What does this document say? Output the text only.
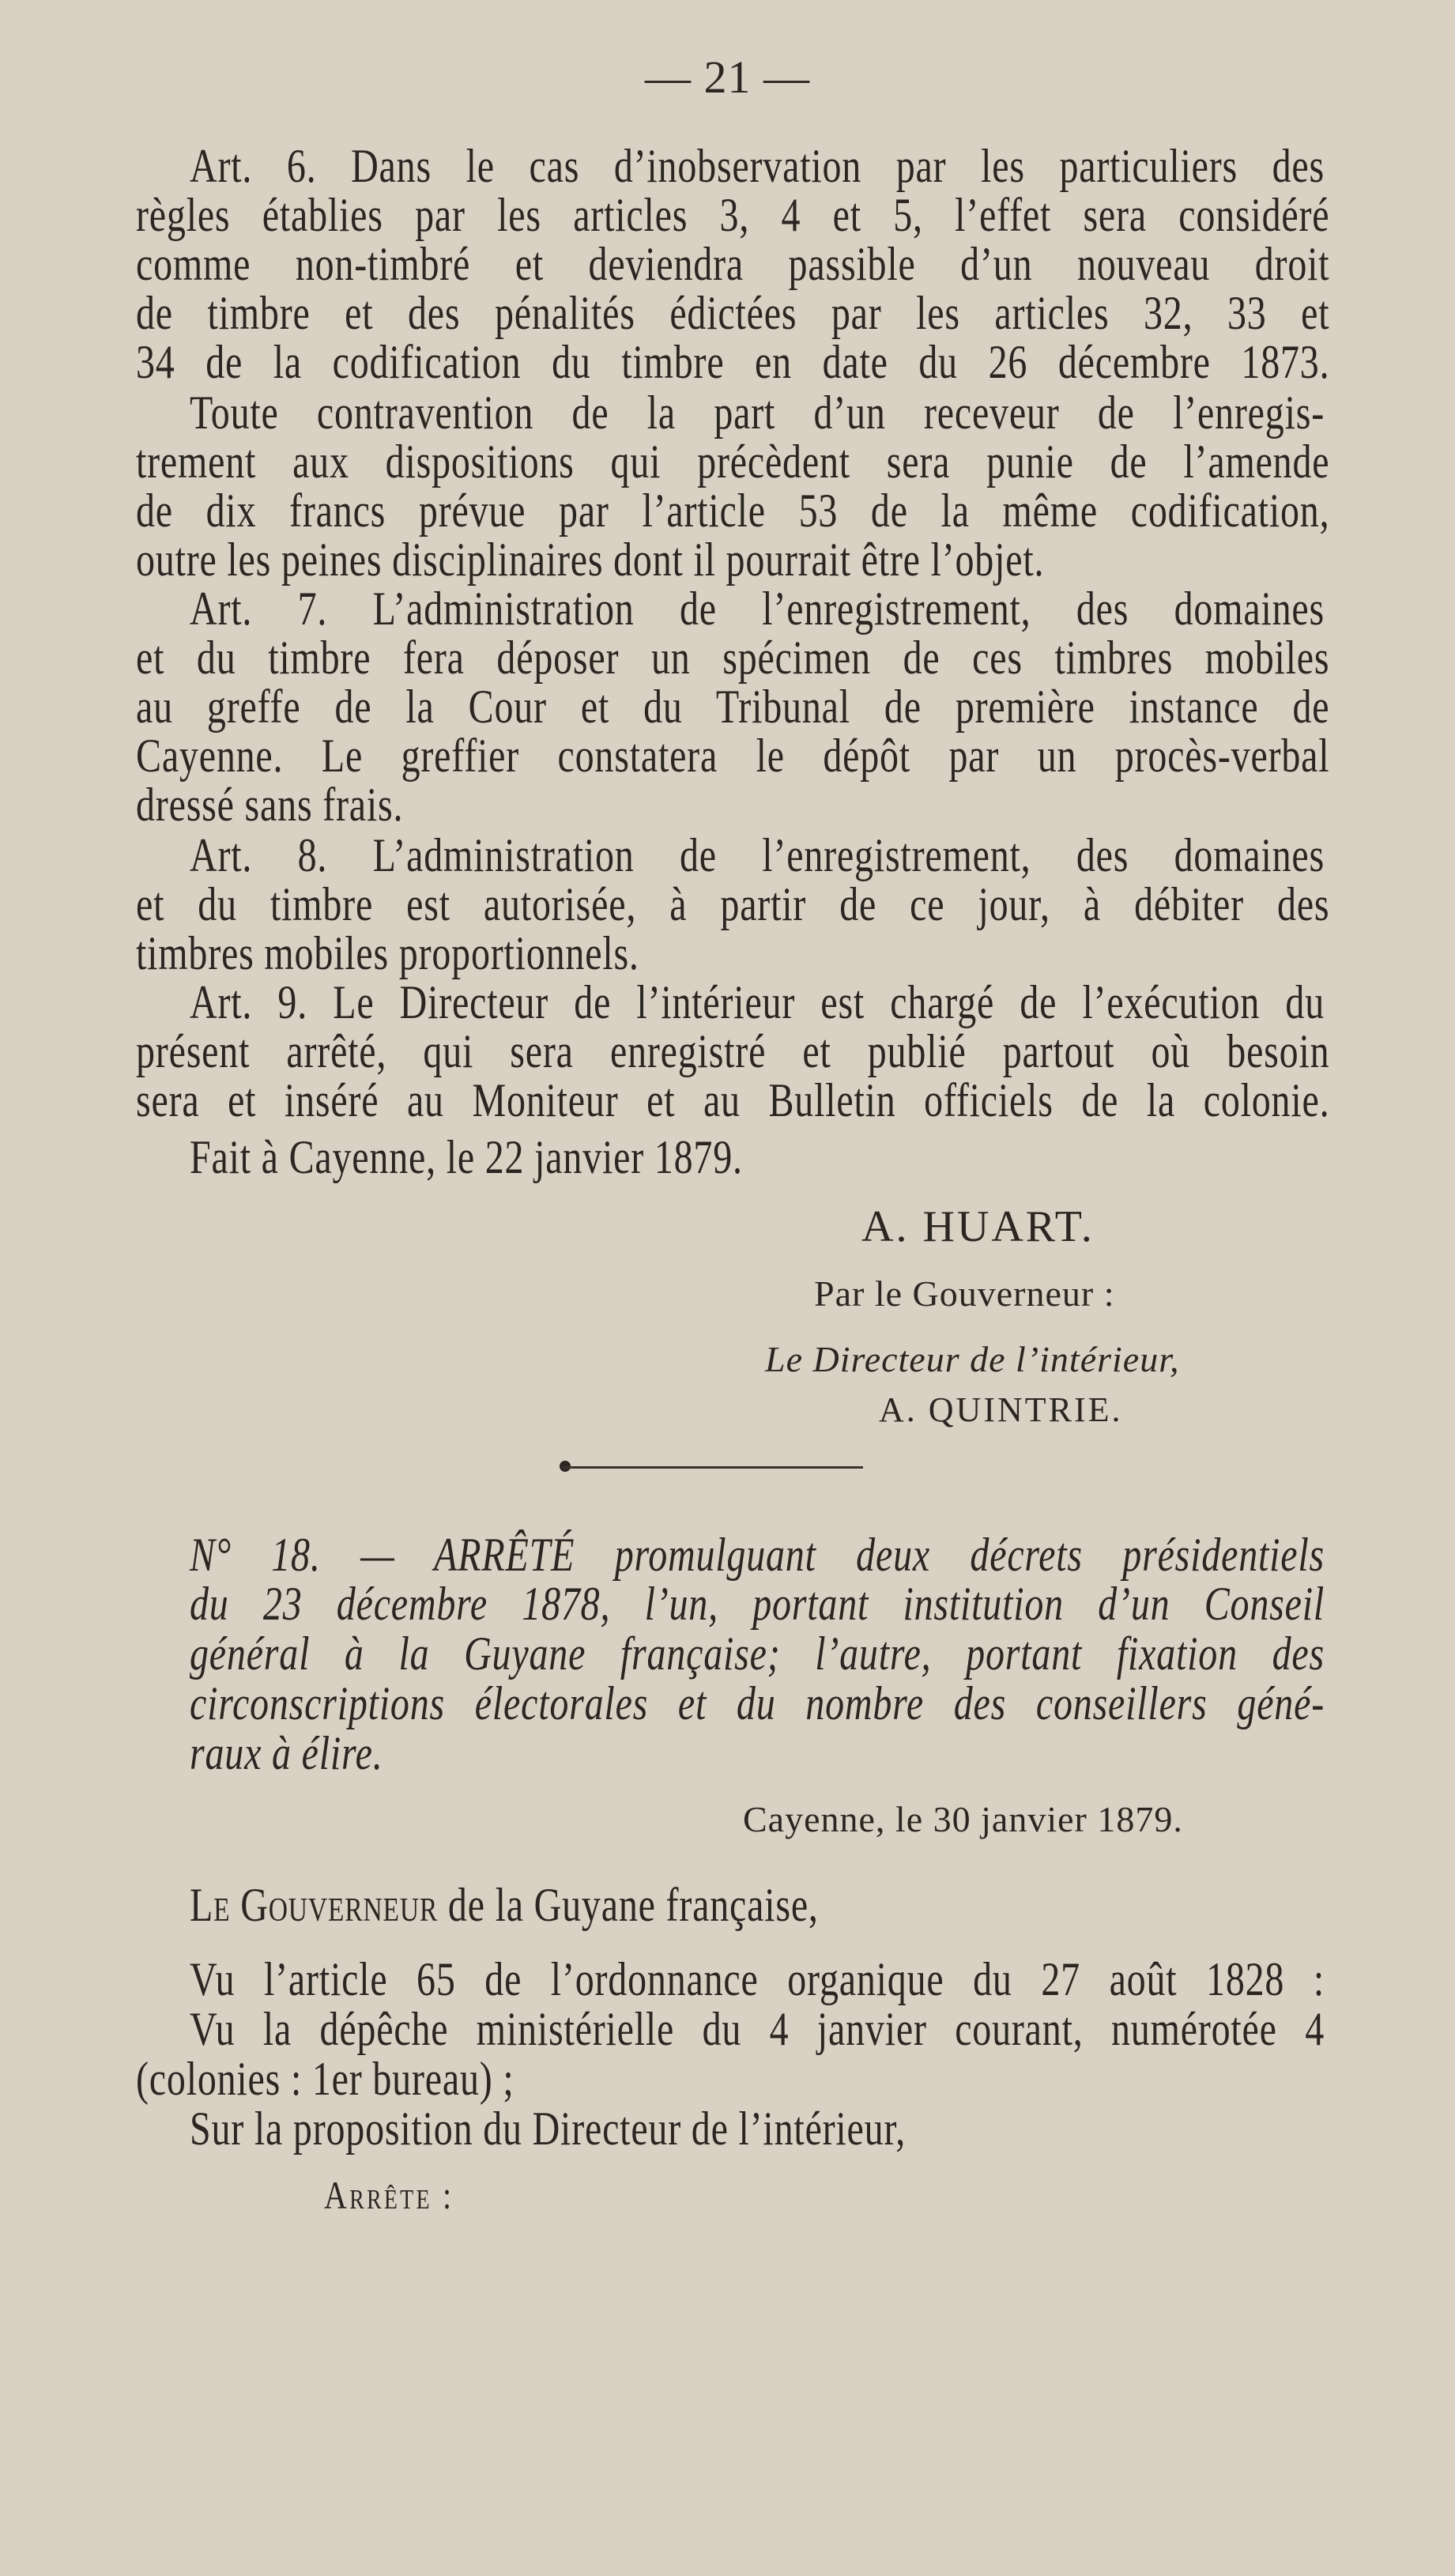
— 21 —
Art. 6. Dans le cas d’inobservation par les particuliers des
règles établies par les articles 3, 4 et 5, l’effet sera considéré
comme non-timbré et deviendra passible d’un nouveau droit
de timbre et des pénalités édictées par les articles 32, 33 et
34 de la codification du timbre en date du 26 décembre 1873.
Toute contravention de la part d’un receveur de l’enregis-
trement aux dispositions qui précèdent sera punie de l’amende
de dix francs prévue par l’article 53 de la même codification,
outre les peines disciplinaires dont il pourrait être l’objet.
Art. 7. L’administration de l’enregistrement, des domaines
et du timbre fera déposer un spécimen de ces timbres mobiles
au greffe de la Cour et du Tribunal de première instance de
Cayenne. Le greffier constatera le dépôt par un procès-verbal
dressé sans frais.
Art. 8. L’administration de l’enregistrement, des domaines
et du timbre est autorisée, à partir de ce jour, à débiter des
timbres mobiles proportionnels.
Art. 9. Le Directeur de l’intérieur est chargé de l’exécution du
présent arrêté, qui sera enregistré et publié partout où besoin
sera et inséré au Moniteur et au Bulletin officiels de la colonie.
Fait à Cayenne, le 22 janvier 1879.
A. HUART.
Par le Gouverneur :
Le Directeur de l’intérieur,
A. QUINTRIE.
N° 18. — ARRÊTÉ promulguant deux décrets présidentiels
du 23 décembre 1878, l’un, portant institution d’un Conseil
général à la Guyane française; l’autre, portant fixation des
circonscriptions électorales et du nombre des conseillers géné-
raux à élire.
Cayenne, le 30 janvier 1879.
Le Gouverneur de la Guyane française,
Vu l’article 65 de l’ordonnance organique du 27 août 1828 :
Vu la dépêche ministérielle du 4 janvier courant, numérotée 4
(colonies : 1er bureau) ;
Sur la proposition du Directeur de l’intérieur,
Arrête :
